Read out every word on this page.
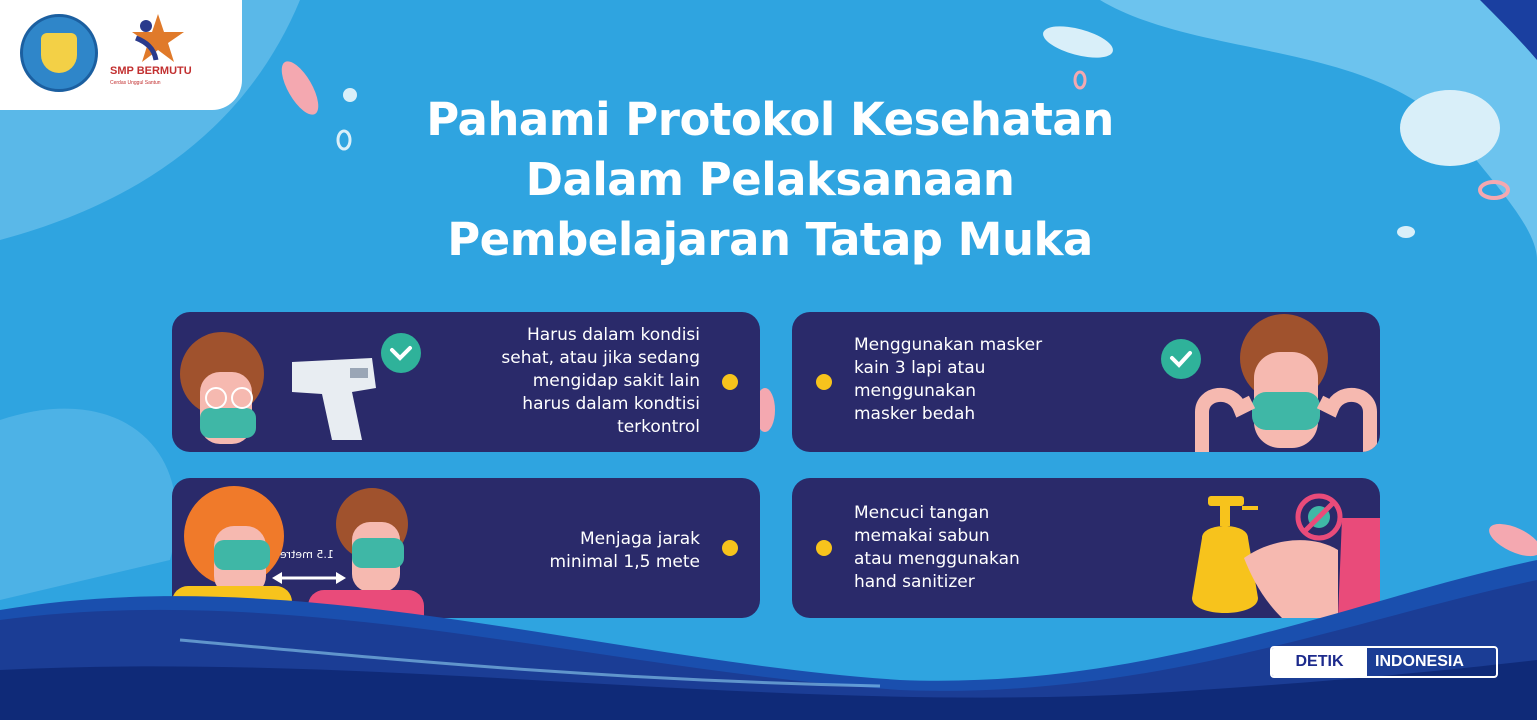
SMP BERMUTU
Cerdas Unggul Santun
Pahami Protokol Kesehatan
Dalam Pelaksanaan
Pembelajaran Tatap Muka
Harus dalam kondisi
sehat, atau jika sedang
mengidap sakit lain
harus dalam kondtisi
terkontrol
Menggunakan masker
kain 3 lapi atau
menggunakan
masker bedah
1.5 metre
Menjaga jarak
minimal 1,5 mete
Mencuci tangan
memakai sabun
atau menggunakan
hand sanitizer
DETIK	INDONESIA
